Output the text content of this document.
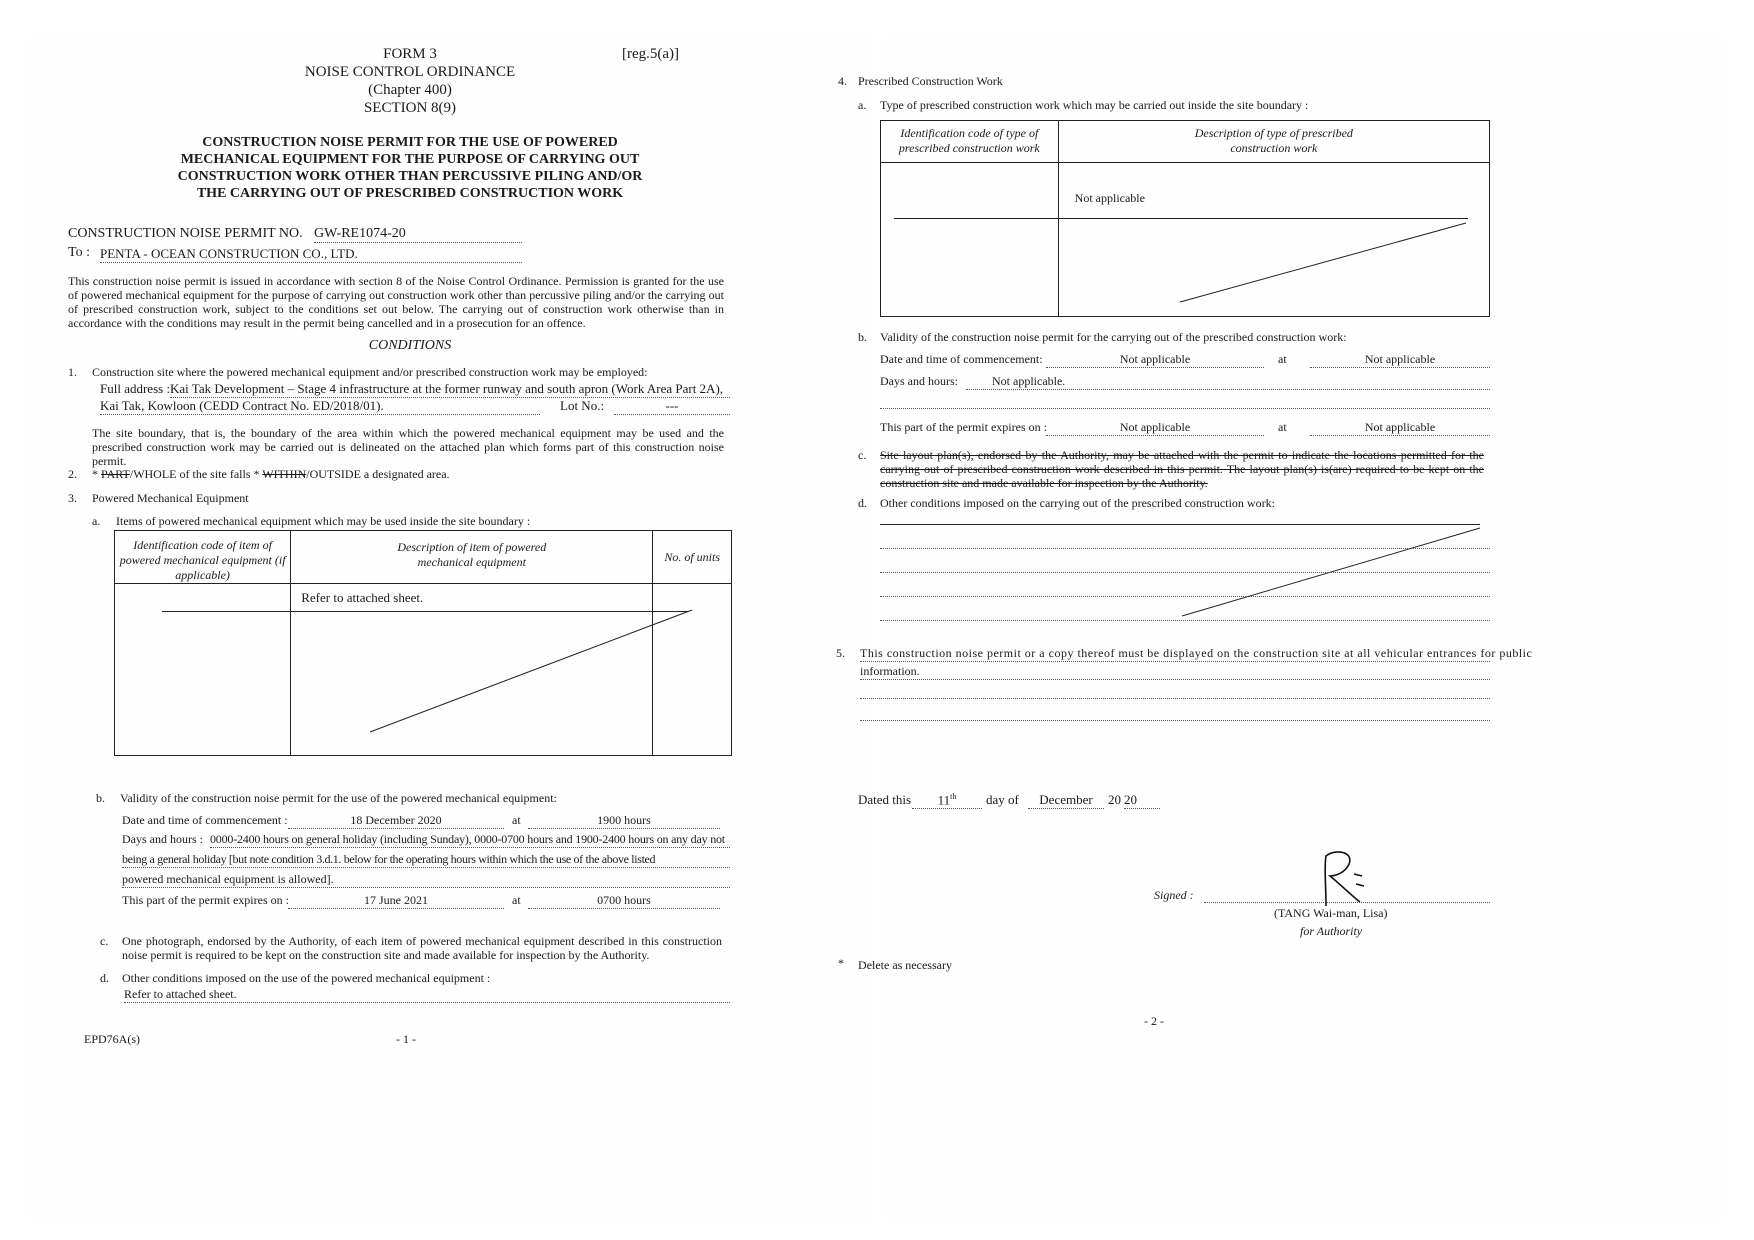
FORM 3	[reg.5(a)]
NOISE CONTROL ORDINANCE
(Chapter 400)
SECTION 8(9)
CONSTRUCTION NOISE PERMIT FOR THE USE OF POWERED
MECHANICAL EQUIPMENT FOR THE PURPOSE OF CARRYING OUT
CONSTRUCTION WORK OTHER THAN PERCUSSIVE PILING AND/OR
THE CARRYING OUT OF PRESCRIBED CONSTRUCTION WORK
CONSTRUCTION NOISE PERMIT NO. GW-RE1074-20
To : PENTA - OCEAN CONSTRUCTION CO., LTD.
This construction noise permit is issued in accordance with section 8 of the Noise Control Ordinance. Permission is granted for the use of powered mechanical equipment for the purpose of carrying out construction work other than percussive piling and/or the carrying out of prescribed construction work, subject to the conditions set out below. The carrying out of construction work otherwise than in accordance with the conditions may result in the permit being cancelled and in a prosecution for an offence.
CONDITIONS
1. Construction site where the powered mechanical equipment and/or prescribed construction work may be employed:
Full address : Kai Tak Development – Stage 4 infrastructure at the former runway and south apron (Work Area Part 2A),
Kai Tak, Kowloon (CEDD Contract No. ED/2018/01).	Lot No.:	---
The site boundary, that is, the boundary of the area within which the powered mechanical equipment may be used and the prescribed construction work may be carried out is delineated on the attached plan which forms part of this construction noise permit.
2. * PART/WHOLE of the site falls * WITHIN/OUTSIDE a designated area.
3. Powered Mechanical Equipment
a. Items of powered mechanical equipment which may be used inside the site boundary :
Identification code of item of powered mechanical equipment (if applicable)	Description of item of powered mechanical equipment	No. of units

	Refer to attached sheet.	

b. Validity of the construction noise permit for the use of the powered mechanical equipment:
Date and time of commencement :	18 December 2020	at	1900 hours
Days and hours : 0000-2400 hours on general holiday (including Sunday), 0000-0700 hours and 1900-2400 hours on any day not
being a general holiday [but note condition 3.d.1. below for the operating hours within which the use of the above listed
powered mechanical equipment is allowed].
This part of the permit expires on :	17 June 2021	at	0700 hours
c. One photograph, endorsed by the Authority, of each item of powered mechanical equipment described in this construction noise permit is required to be kept on the construction site and made available for inspection by the Authority.
d. Other conditions imposed on the use of the powered mechanical equipment :
Refer to attached sheet.
EPD76A(s)	- 1 -
4. Prescribed Construction Work
a. Type of prescribed construction work which may be carried out inside the site boundary :
Identification code of type of prescribed construction work	Description of type of prescribed construction work

	Not applicable
b. Validity of the construction noise permit for the carrying out of the prescribed construction work:
Date and time of commencement:	Not applicable	at	Not applicable
Days and hours:	Not applicable.
This part of the permit expires on :	Not applicable	at	Not applicable
c. Site layout plan(s), endorsed by the Authority, may be attached with the permit to indicate the locations permitted for the carrying out of prescribed construction work described in this permit. The layout plan(s) is(are) required to be kept on the construction site and made available for inspection by the Authority.
d. Other conditions imposed on the carrying out of the prescribed construction work:
5. This construction noise permit or a copy thereof must be displayed on the construction site at all vehicular entrances for public
information.
Dated this	11th	day of	December	20 20
Signed :
(TANG Wai-man, Lisa)
for Authority
* Delete as necessary
- 2 -
